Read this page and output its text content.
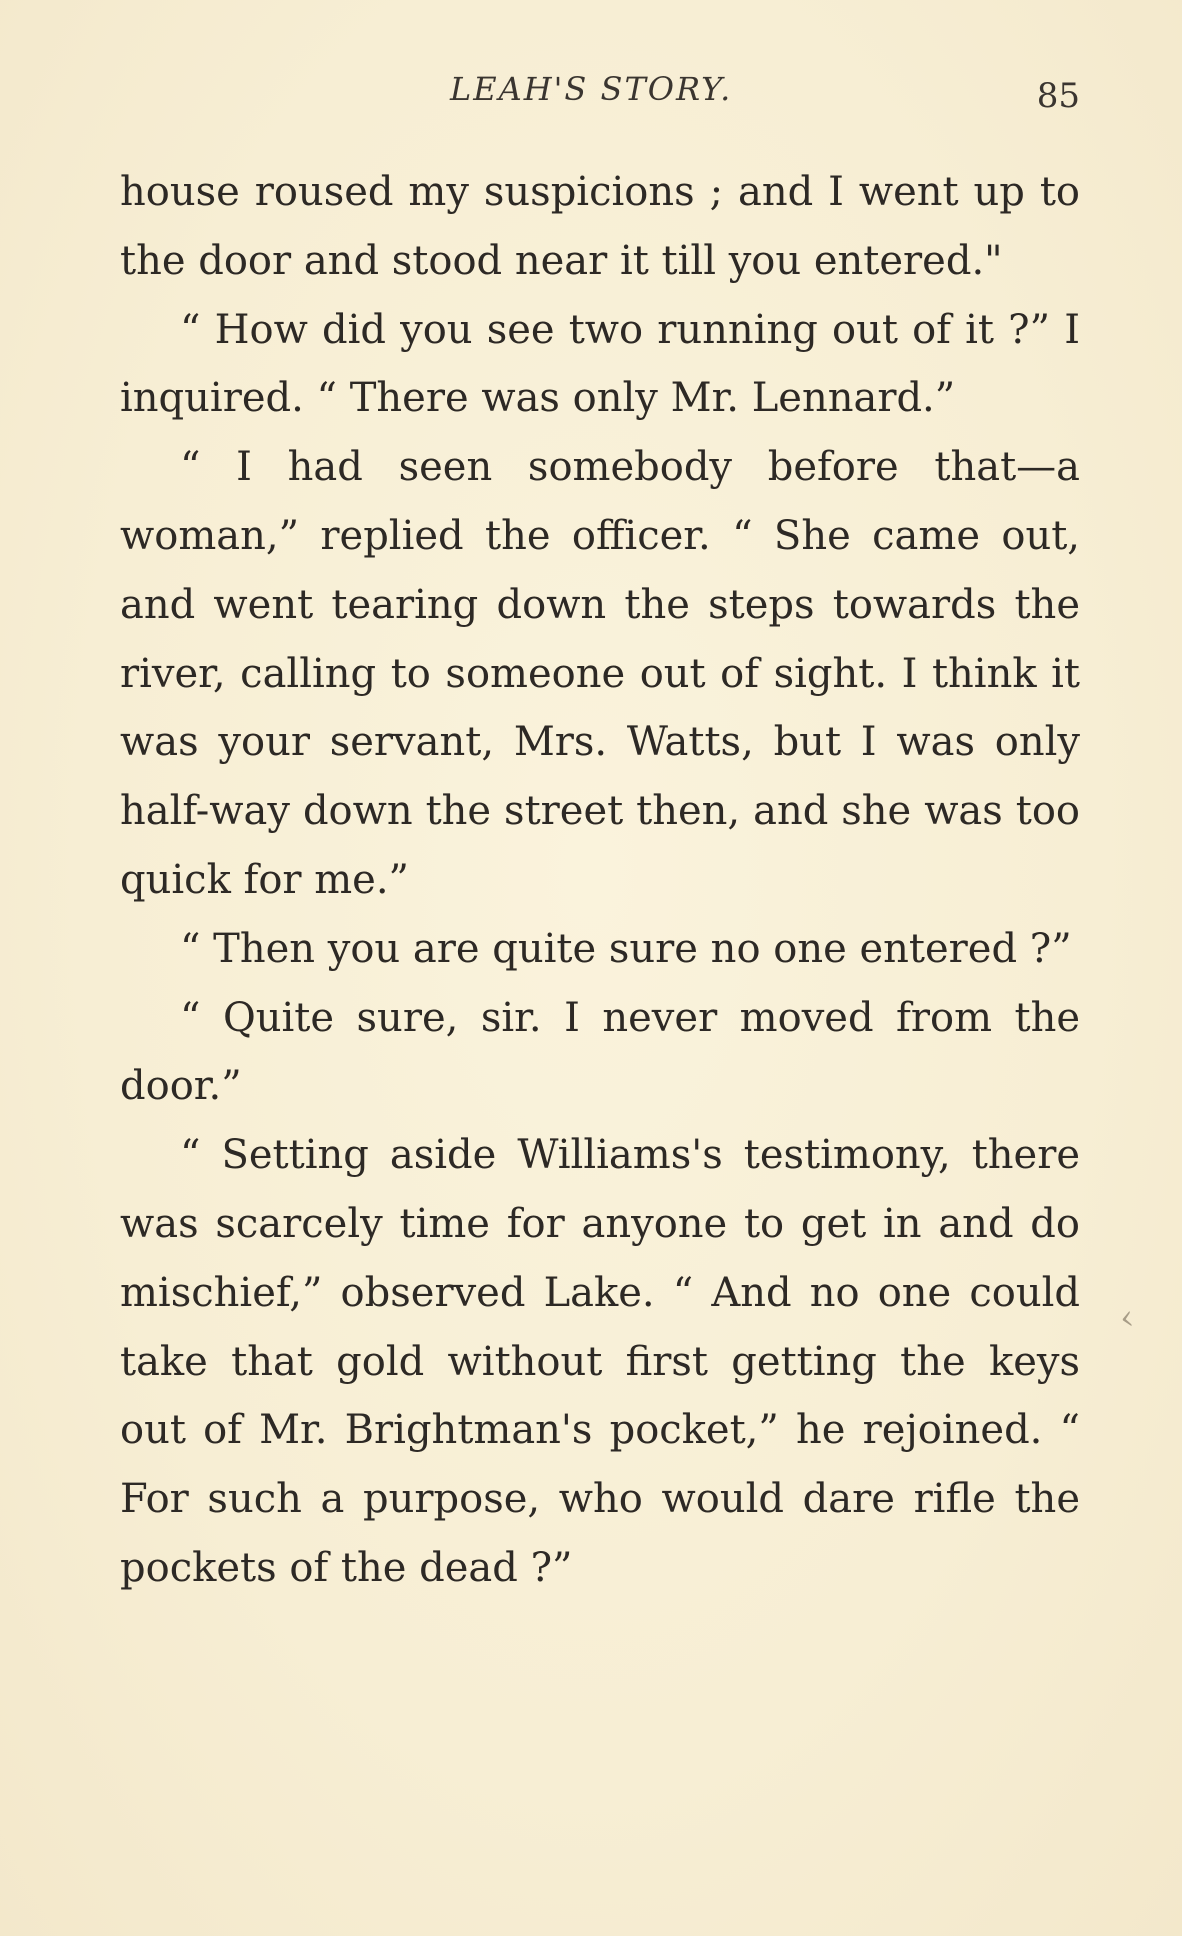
LEAH'S STORY.	85

house roused my suspicions ; and I went up to the door and stood near it till you entered."

“ How did you see two running out of it ?” I inquired. “ There was only Mr. Lennard.”

“ I had seen somebody before that—a woman,” replied the officer. “ She came out, and went tearing down the steps towards the river, calling to someone out of sight. I think it was your servant, Mrs. Watts, but I was only half-way down the street then, and she was too quick for me.”

“ Then you are quite sure no one entered ?”

“ Quite sure, sir. I never moved from the door.”

“ Setting aside Williams's testimony, there was scarcely time for anyone to get in and do mischief,” observed Lake. “ And no one could take that gold without first getting the keys out of Mr. Brightman's pocket,” he rejoined. “ For such a purpose, who would dare rifle the pockets of the dead ?”

‹
